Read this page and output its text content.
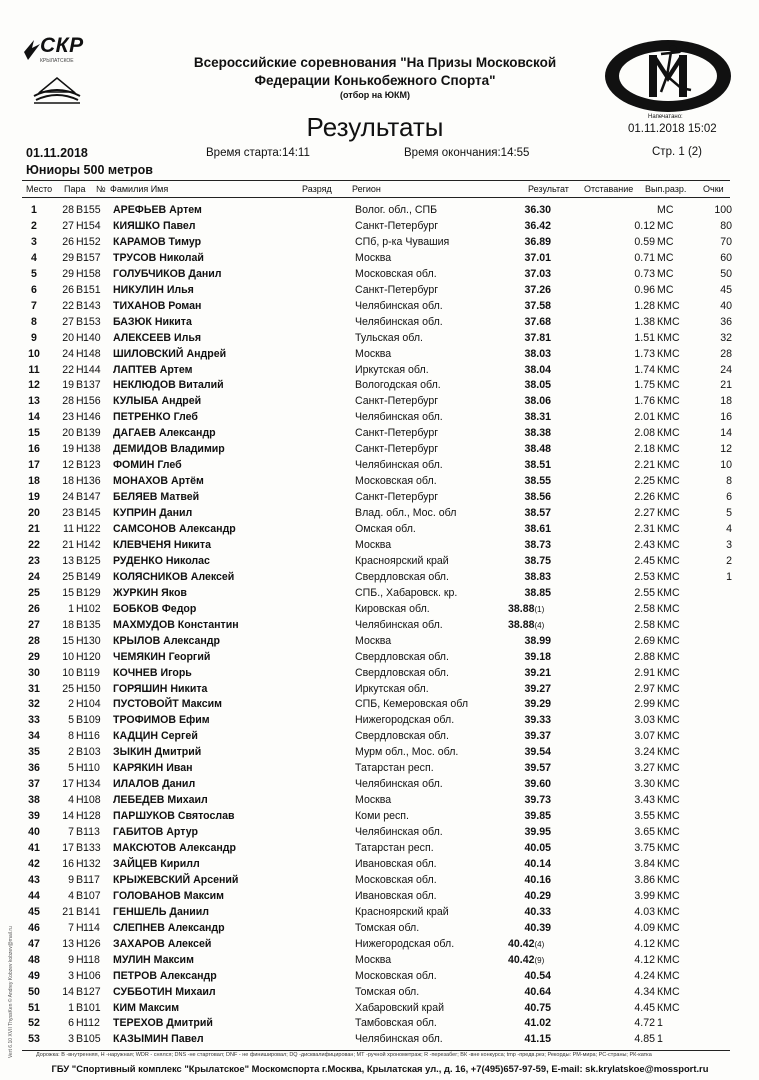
СКР
КРЫЛАТСКОЕ	Всероссийские соревнования "На Призы Московской
Федерации Конькобежного Спорта"
(отбор на ЮКМ)
Результаты	Напечатано:
01.11.2018 15:02
01.11.2018	Время старта:14:11	Время окончания:14:55	Стр. 1 (2)
Юниоры 500 метров
Место Пара № Фамилия Имя	Разряд Регион	Результат Отставание Вып.разр. Очки
1	28 В 155	АРЕФЬЕВ Артем	Волог. обл., СПБ	36.30	МС	100
2	27 Н 154	КИЯШКО Павел	Санкт-Петербург	36.42	0.12 МС	80
3	26 Н 152	КАРАМОВ Тимур	СПб, р-ка Чувашия	36.89	0.59 МС	70
4	29 В 157	ТРУСОВ Николай	Москва	37.01	0.71 МС	60
5	29 Н 158	ГОЛУБЧИКОВ Данил	Московская обл.	37.03	0.73 МС	50
6	26 В 151	НИКУЛИН Илья	Санкт-Петербург	37.26	0.96 МС	45
7	22 В 143	ТИХАНОВ Роман	Челябинская обл.	37.58	1.28 КМС	40
8	27 В 153	БАЗЮК Никита	Челябинская обл.	37.68	1.38 КМС	36
9	20 Н 140	АЛЕКСЕЕВ Илья	Тульская обл.	37.81	1.51 КМС	32
10	24 Н 148	ШИЛОВСКИЙ Андрей	Москва	38.03	1.73 КМС	28
11	22 Н 144	ЛАПТЕВ Артем	Иркутская обл.	38.04	1.74 КМС	24
12	19 В 137	НЕКЛЮДОВ Виталий	Вологодская обл.	38.05	1.75 КМС	21
13	28 Н 156	КУЛЫБА Андрей	Санкт-Петербург	38.06	1.76 КМС	18
14	23 Н 146	ПЕТРЕНКО Глеб	Челябинская обл.	38.31	2.01 КМС	16
15	20 В 139	ДАГАЕВ Александр	Санкт-Петербург	38.38	2.08 КМС	14
16	19 Н 138	ДЕМИДОВ Владимир	Санкт-Петербург	38.48	2.18 КМС	12
17	12 В 123	ФОМИН Глеб	Челябинская обл.	38.51	2.21 КМС	10
18	18 Н 136	МОНАХОВ Артём	Московская обл.	38.55	2.25 КМС	8
19	24 В 147	БЕЛЯЕВ Матвей	Санкт-Петербург	38.56	2.26 КМС	6
20	23 В 145	КУПРИН Данил	Влад. обл., Мос. обл	38.57	2.27 КМС	5
21	11 Н 122	САМСОНОВ Александр	Омская обл.	38.61	2.31 КМС	4
22	21 Н 142	КЛЕВЧЕНЯ Никита	Москва	38.73	2.43 КМС	3
23	13 В 125	РУДЕНКО Николас	Красноярский край	38.75	2.45 КМС	2
24	25 В 149	КОЛЯСНИКОВ Алексей	Свердловская обл.	38.83	2.53 КМС	1
25	15 В 129	ЖУРКИН Яков	СПБ., Хабаровск. кр.	38.85	2.55 КМС
26	1 Н 102	БОБКОВ Федор	Кировская обл.	38.88(1)	2.58 КМС
27	18 В 135	МАХМУДОВ Константин	Челябинская обл.	38.88(4)	2.58 КМС
28	15 Н 130	КРЫЛОВ Александр	Москва	38.99	2.69 КМС
29	10 Н 120	ЧЕМЯКИН Георгий	Свердловская обл.	39.18	2.88 КМС
30	10 В 119	КОЧНЕВ Игорь	Свердловская обл.	39.21	2.91 КМС
31	25 Н 150	ГОРЯШИН Никита	Иркутская обл.	39.27	2.97 КМС
32	2 Н 104	ПУСТОВОЙТ Максим	СПБ, Кемеровская обл	39.29	2.99 КМС
33	5 В 109	ТРОФИМОВ Ефим	Нижегородская обл.	39.33	3.03 КМС
34	8 Н 116	КАДЦИН Сергей	Свердловская обл.	39.37	3.07 КМС
35	2 В 103	ЗЫКИН Дмитрий	Мурм обл., Мос. обл.	39.54	3.24 КМС
36	5 Н 110	КАРЯКИН Иван	Татарстан респ.	39.57	3.27 КМС
37	17 Н 134	ИЛАЛОВ Данил	Челябинская обл.	39.60	3.30 КМС
38	4 Н 108	ЛЕБЕДЕВ Михаил	Москва	39.73	3.43 КМС
39	14 Н 128	ПАРШУКОВ Святослав	Коми респ.	39.85	3.55 КМС
40	7 В 113	ГАБИТОВ Артур	Челябинская обл.	39.95	3.65 КМС
41	17 В 133	МАКСЮТОВ Александр	Татарстан респ.	40.05	3.75 КМС
42	16 Н 132	ЗАЙЦЕВ Кирилл	Ивановская обл.	40.14	3.84 КМС
43	9 В 117	КРЫЖЕВСКИЙ Арсений	Московская обл.	40.16	3.86 КМС
44	4 В 107	ГОЛОВАНОВ Максим	Ивановская обл.	40.29	3.99 КМС
45	21 В 141	ГЕНШЕЛЬ Даниил	Красноярский край	40.33	4.03 КМС
46	7 Н 114	СЛЕПНЕВ Александр	Томская обл.	40.39	4.09 КМС
47	13 Н 126	ЗАХАРОВ Алексей	Нижегородская обл.	40.42(4)	4.12 КМС
48	9 Н 118	МУЛИН Максим	Москва	40.42(9)	4.12 КМС
49	3 Н 106	ПЕТРОВ Александр	Московская обл.	40.54	4.24 КМС
50	14 В 127	СУББОТИН Михаил	Томская обл.	40.64	4.34 КМС
51	1 В 101	КИМ Максим	Хабаровский край	40.75	4.45 КМС
52	6 Н 112	ТЕРЕХОВ Дмитрий	Тамбовская обл.	41.02	4.72 1
53	3 В 105	КАЗЫМИН Павел	Челябинская обл.	41.15	4.85 1
Дорожка: В -внутренняя, Н -наружная; WDR - снялся; DNS -не стартовал; DNF - не финишировал; DQ -дисквалифицирован; МТ -ручной хронометраж; R -перезабег; ВК -вне конкурса; tmp -предв.рез; Рекорды: РМ-мира; РС-страны; РК-катка
ГБУ "Спортивный комплекс "Крылатское" Москомспорта г.Москва, Крылатская ул., д. 16, +7(495)657-97-59, E-mail: sk.krylatskoe@mossport.ru
Vert 6.10 XVII ThyssKen © Andrey Kobzev kobzev@mail.ru
